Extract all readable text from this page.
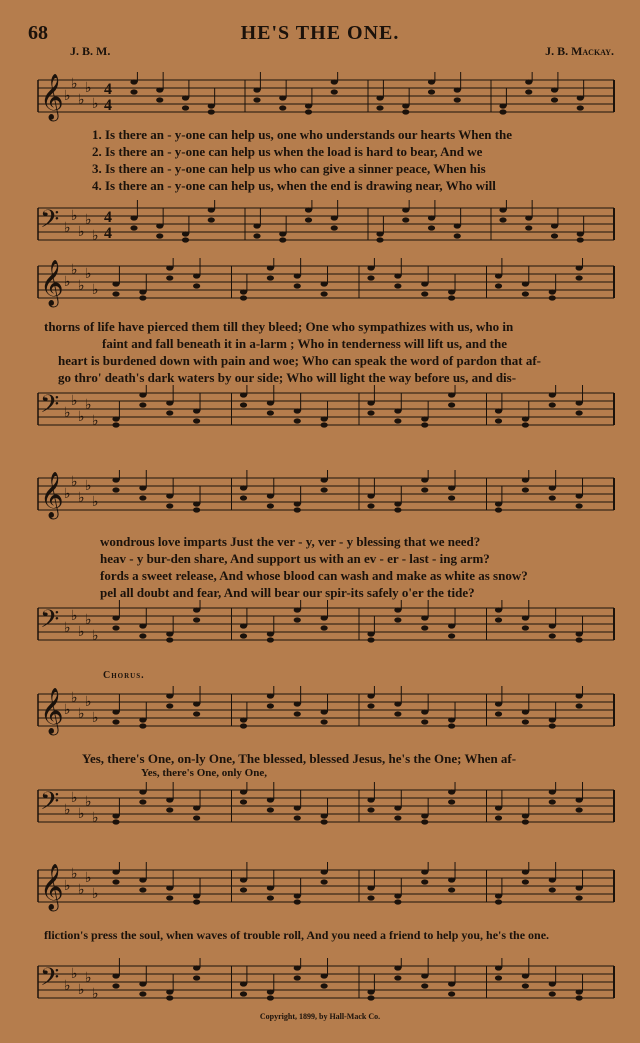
68	HE'S THE ONE.
J. B. M.	J. B. Mackay.
𝄞 ♭
♭
♭
♭
♭
4
4
1. Is there an - y-one can help us, one who understands our hearts When the
2. Is there an - y-one can help us when the load is hard to bear, And we
3. Is there an - y-one can help us who can give a sinner peace, When his
4. Is there an - y-one can help us, when the end is drawing near, Who will
𝄢 ♭
♭
♭
♭
♭
4
4
𝄞 ♭
♭
♭
♭
♭
thorns of life have pierced them till they bleed; One who sympathizes with us, who in
faint and fall beneath it in a-larm ; Who in tenderness will lift us, and the
heart is burdened down with pain and woe; Who can speak the word of pardon that af-
go thro' death's dark waters by our side; Who will light the way before us, and dis-
𝄢 ♭
♭
♭
♭
♭
𝄞 ♭
♭
♭
♭
♭
wondrous love imparts Just the ver - y, ver - y blessing that we need?
heav - y bur-den share, And support us with an ev - er - last - ing arm?
fords a sweet release, And whose blood can wash and make as white as snow?
pel all doubt and fear, And will bear our spir-its safely o'er the tide?
𝄢 ♭
♭
♭
♭
♭
Chorus.
𝄞 ♭
♭
♭
♭
♭
Yes, there's One, on-ly One, The blessed, blessed Jesus, he's the One; When af-
Yes, there's One, only One,
𝄢 ♭
♭
♭
♭
♭
𝄞 ♭
♭
♭
♭
♭
fliction's press the soul, when waves of trouble roll, And you need a friend to help you, he's the one.
𝄢 ♭
♭
♭
♭
♭
Copyright, 1899, by Hall-Mack Co.
